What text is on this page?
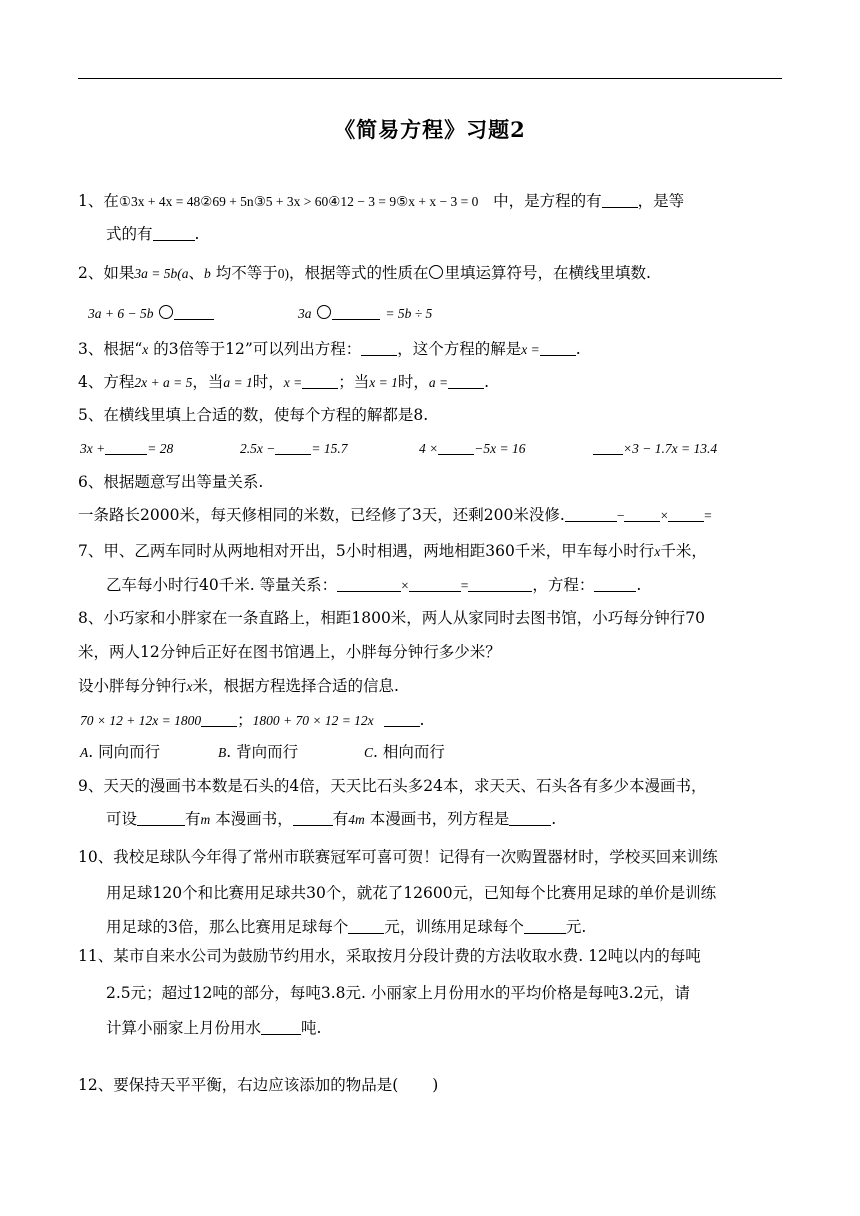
《简易方程》习题2
1、在①3x + 4x = 48②69 + 5n③5 + 3x > 60④12 − 3 = 9⑤x + x − 3 = 0 中，是方程的有 ，是等
式的有	.
2、如果3a = 5b(a、b 均不等于0)，根据等式的性质在 里填运算符号，在横线里填数.
3a + 6 − 5b	3a	= 5b ÷ 5
3、根据“x 的3倍等于12”可以列出方程： ，这个方程的解是x = .
4、方程2x + a = 5，当a = 1时，x = ；当x = 1时，a = .
5、在横线里填上合适的数，使每个方程的解都是8.
3x +	= 28	2.5x −	= 15.7	4 ×	−5x = 16	×3 − 1.7x = 13.4
6、根据题意写出等量关系.
一条路长2000米，每天修相同的米数，已经修了3天，还剩200米没修.	−	×	=
7、甲、乙两车同时从两地相对开出，5小时相遇，两地相距360千米，甲车每小时行x千米，
乙车每小时行40千米. 等量关系：	×	=	，方程：	.
8、小巧家和小胖家在一条直路上，相距1800米，两人从家同时去图书馆，小巧每分钟行70
米，两人12分钟后正好在图书馆遇上，小胖每分钟行多少米？
设小胖每分钟行x米，根据方程选择合适的信息.
70 × 12 + 12x = 1800 ；1800 + 70 × 12 = 12x	.
A. 同向而行	B. 背向而行	C. 相向而行
9、天天的漫画书本数是石头的4倍，天天比石头多24本，求天天、石头各有多少本漫画书，
可设	有m 本漫画书，	有4m 本漫画书，列方程是	.
10、我校足球队今年得了常州市联赛冠军可喜可贺！记得有一次购置器材时，学校买回来训练
用足球120个和比赛用足球共30个，就花了12600元，已知每个比赛用足球的单价是训练
用足球的3倍，那么比赛用足球每个 元，训练用足球每个	元.
11、某市自来水公司为鼓励节约用水，采取按月分段计费的方法收取水费. 12吨以内的每吨
2.5元；超过12吨的部分，每吨3.8元. 小丽家上月份用水的平均价格是每吨3.2元，请
计算小丽家上月份用水	吨.
12、要保持天平平衡，右边应该添加的物品是( )
